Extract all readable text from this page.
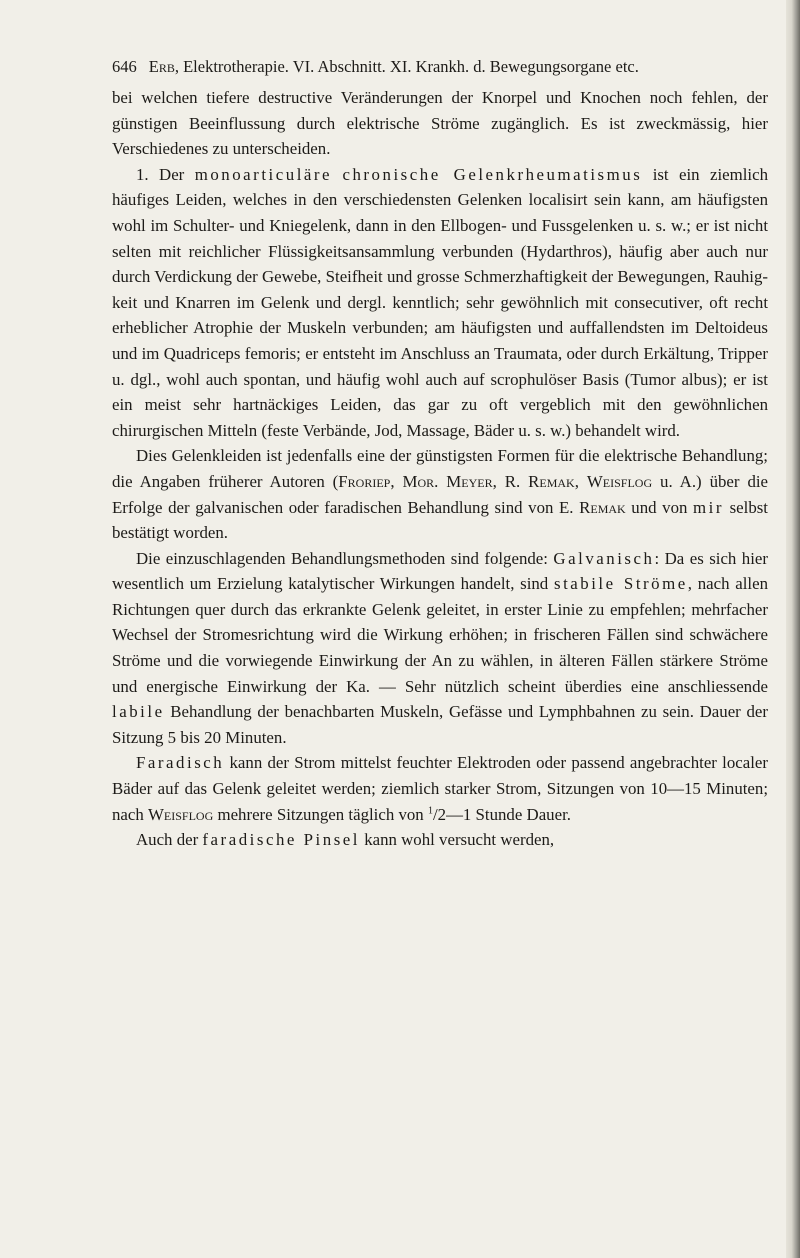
646 Erb, Elektrotherapie. VI. Abschnitt. XI. Krankh. d. Bewegungsorgane etc.

bei welchen tiefere destructive Veränderungen der Knorpel und Knochen noch fehlen, der günstigen Beeinflussung durch elektrische Ströme zugänglich. Es ist zweckmässig, hier Verschiedenes zu unterscheiden.

1. Der monoarticuläre chronische Gelenkrheumatismus ist ein ziemlich häufiges Leiden, welches in den verschiedensten Gelenken localisirt sein kann, am häufigsten wohl im Schulter- und Kniegelenk, dann in den Ellbogen- und Fussgelenken u. s. w.; er ist nicht selten mit reichlicher Flüssigkeitsansammlung verbunden (Hydarthros), häufig aber auch nur durch Verdickung der Gewebe, Steifheit und grosse Schmerzhaftigkeit der Bewegungen, Rauhigkeit und Knarren im Gelenk und dergl. kenntlich; sehr gewöhnlich mit consecutiver, oft recht erheblicher Atrophie der Muskeln verbunden; am häufigsten und auffallendsten im Deltoideus und im Quadriceps femoris; er entsteht im Anschluss an Traumata, oder durch Erkältung, Tripper u. dgl., wohl auch spontan, und häufig wohl auch auf scrophulöser Basis (Tumor albus); er ist ein meist sehr hartnäckiges Leiden, das gar zu oft vergeblich mit den gewöhnlichen chirurgischen Mitteln (feste Verbände, Jod, Massage, Bäder u. s. w.) behandelt wird.

Dies Gelenkleiden ist jedenfalls eine der günstigsten Formen für die elektrische Behandlung; die Angaben früherer Autoren (Froriep, Mor. Meyer, R. Remak, Weisflog u. A.) über die Erfolge der galvanischen oder faradischen Behandlung sind von E. Remak und von mir selbst bestätigt worden.

Die einzuschlagenden Behandlungsmethoden sind folgende: Galvanisch: Da es sich hier wesentlich um Erzielung katalytischer Wirkungen handelt, sind stabile Ströme, nach allen Richtungen quer durch das erkrankte Gelenk geleitet, in erster Linie zu empfehlen; mehrfacher Wechsel der Stromesrichtung wird die Wirkung erhöhen; in frischeren Fällen sind schwächere Ströme und die vorwiegende Einwirkung der An zu wählen, in älteren Fällen stärkere Ströme und energische Einwirkung der Ka. — Sehr nützlich scheint überdies eine anschliessende labile Behandlung der benachbarten Muskeln, Gefässe und Lymphbahnen zu sein. Dauer der Sitzung 5 bis 20 Minuten.

Faradisch kann der Strom mittelst feuchter Elektroden oder passend angebrachter localer Bäder auf das Gelenk geleitet werden; ziemlich starker Strom, Sitzungen von 10—15 Minuten; nach Weisflog mehrere Sitzungen täglich von $^1$/2—1 Stunde Dauer.

Auch der faradische Pinsel kann wohl versucht werden,
